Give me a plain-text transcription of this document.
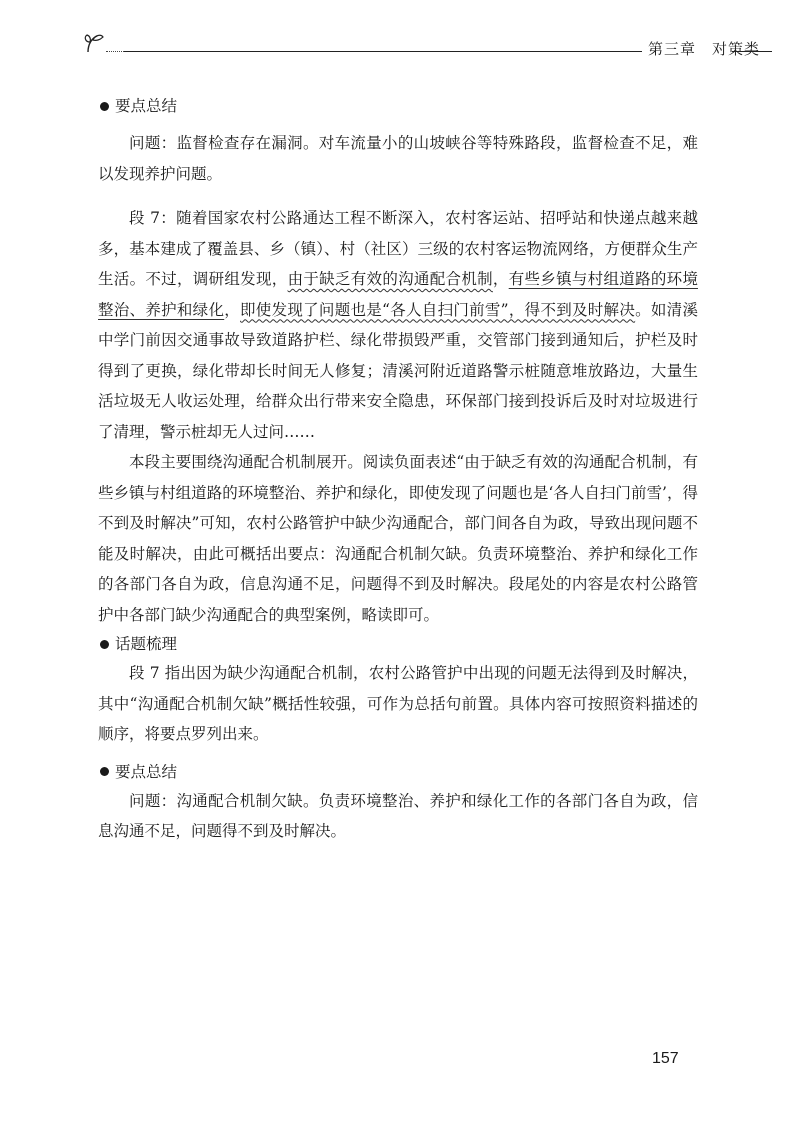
第三章　对策类
要点总结

问题：监督检查存在漏洞。对车流量小的山坡峡谷等特殊路段，监督检查不足，难以发现养护问题。

段 7：随着国家农村公路通达工程不断深入，农村客运站、招呼站和快递点越来越多，基本建成了覆盖县、乡（镇）、村（社区）三级的农村客运物流网络，方便群众生产生活。不过，调研组发现，由于缺乏有效的沟通配合机制，有些乡镇与村组道路的环境整治、养护和绿化，即使发现了问题也是“各人自扫门前雪”，得不到及时解决。如清溪中学门前因交通事故导致道路护栏、绿化带损毁严重，交管部门接到通知后，护栏及时得到了更换，绿化带却长时间无人修复；清溪河附近道路警示桩随意堆放路边，大量生活垃圾无人收运处理，给群众出行带来安全隐患，环保部门接到投诉后及时对垃圾进行了清理，警示桩却无人过问……

本段主要围绕沟通配合机制展开。阅读负面表述“由于缺乏有效的沟通配合机制，有些乡镇与村组道路的环境整治、养护和绿化，即使发现了问题也是‘各人自扫门前雪’，得不到及时解决”可知，农村公路管护中缺少沟通配合，部门间各自为政，导致出现问题不能及时解决，由此可概括出要点：沟通配合机制欠缺。负责环境整治、养护和绿化工作的各部门各自为政，信息沟通不足，问题得不到及时解决。段尾处的内容是农村公路管护中各部门缺少沟通配合的典型案例，略读即可。

话题梳理

段 7 指出因为缺少沟通配合机制，农村公路管护中出现的问题无法得到及时解决，其中“沟通配合机制欠缺”概括性较强，可作为总括句前置。具体内容可按照资料描述的顺序，将要点罗列出来。

要点总结

问题：沟通配合机制欠缺。负责环境整治、养护和绿化工作的各部门各自为政，信息沟通不足，问题得不到及时解决。

157
